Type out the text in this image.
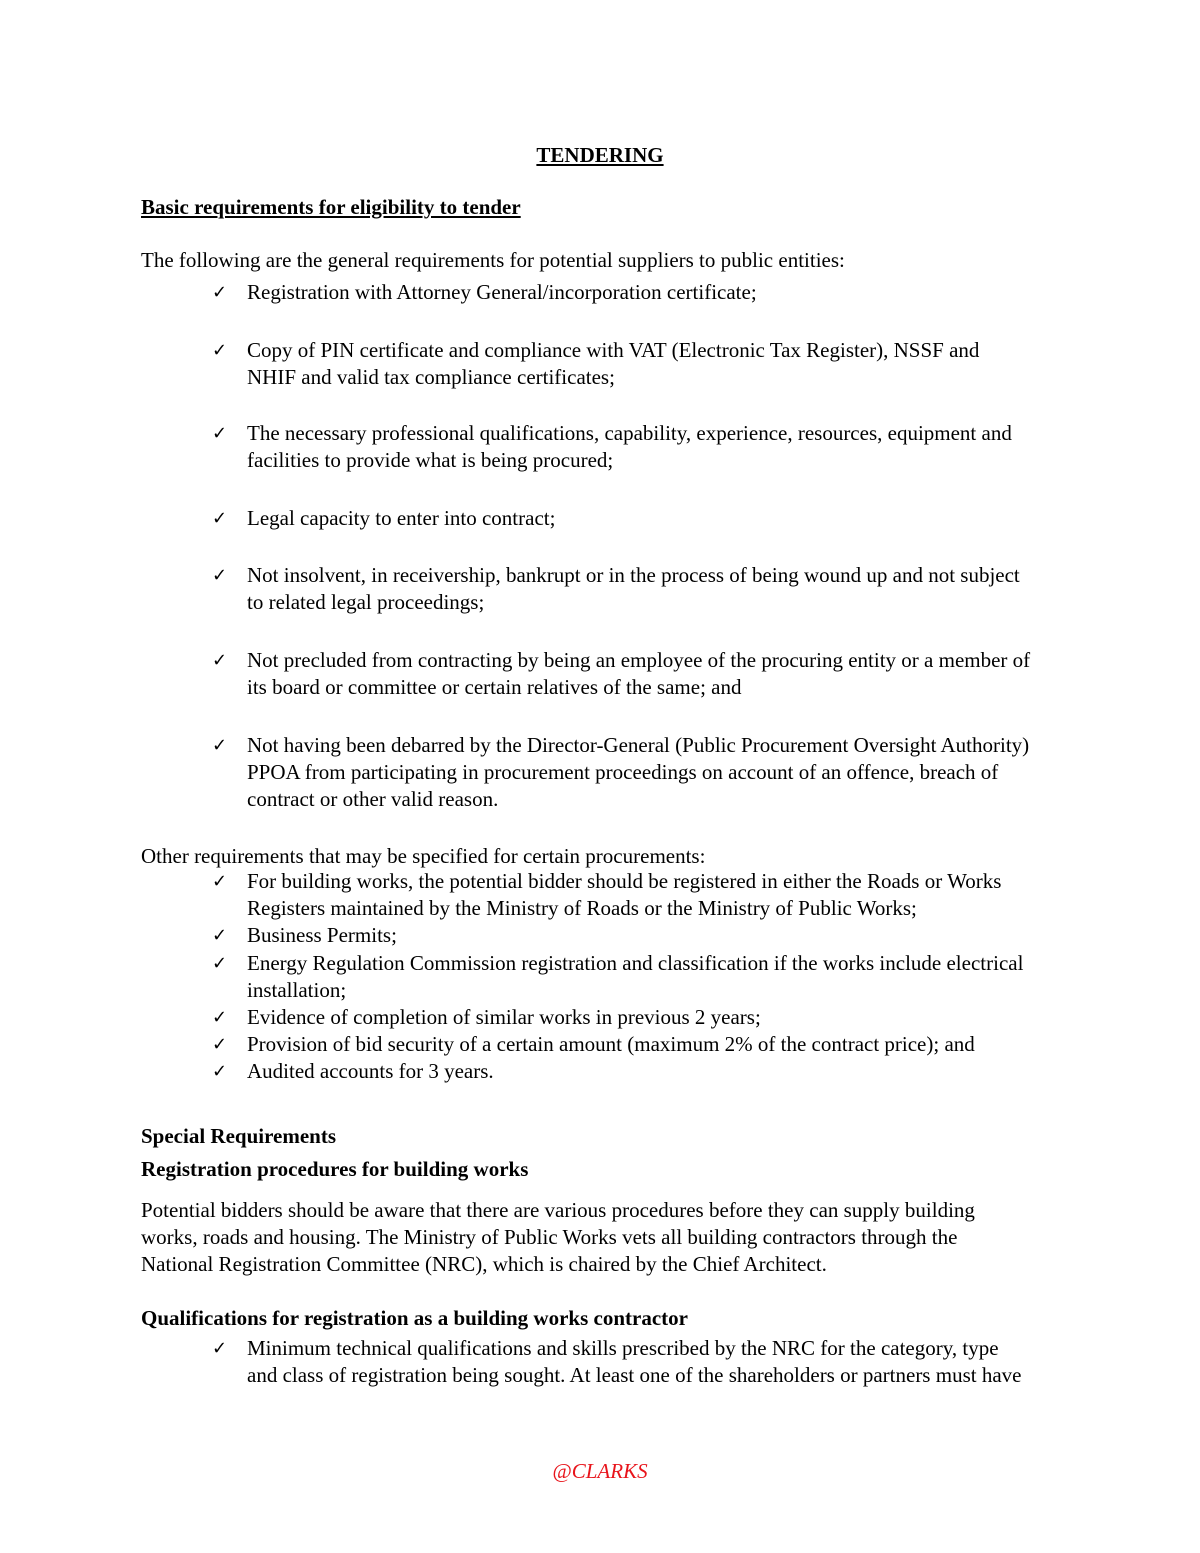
TENDERING
Basic requirements for eligibility to tender
The following are the general requirements for potential suppliers to public entities:
✓ Registration with Attorney General/incorporation certificate;
✓ Copy of PIN certificate and compliance with VAT (Electronic Tax Register), NSSF and
NHIF and valid tax compliance certificates;
✓ The necessary professional qualifications, capability, experience, resources, equipment and
facilities to provide what is being procured;
✓ Legal capacity to enter into contract;
✓ Not insolvent, in receivership, bankrupt or in the process of being wound up and not subject
to related legal proceedings;
✓ Not precluded from contracting by being an employee of the procuring entity or a member of
its board or committee or certain relatives of the same; and
✓ Not having been debarred by the Director-General (Public Procurement Oversight Authority)
PPOA from participating in procurement proceedings on account of an offence, breach of
contract or other valid reason.
Other requirements that may be specified for certain procurements:
✓ For building works, the potential bidder should be registered in either the Roads or Works
Registers maintained by the Ministry of Roads or the Ministry of Public Works;
✓ Business Permits;
✓ Energy Regulation Commission registration and classification if the works include electrical
installation;
✓ Evidence of completion of similar works in previous 2 years;
✓ Provision of bid security of a certain amount (maximum 2% of the contract price); and
✓ Audited accounts for 3 years.
Special Requirements
Registration procedures for building works
Potential bidders should be aware that there are various procedures before they can supply building
works, roads and housing. The Ministry of Public Works vets all building contractors through the
National Registration Committee (NRC), which is chaired by the Chief Architect.
Qualifications for registration as a building works contractor
✓ Minimum technical qualifications and skills prescribed by the NRC for the category, type
and class of registration being sought. At least one of the shareholders or partners must have
@CLARKS
